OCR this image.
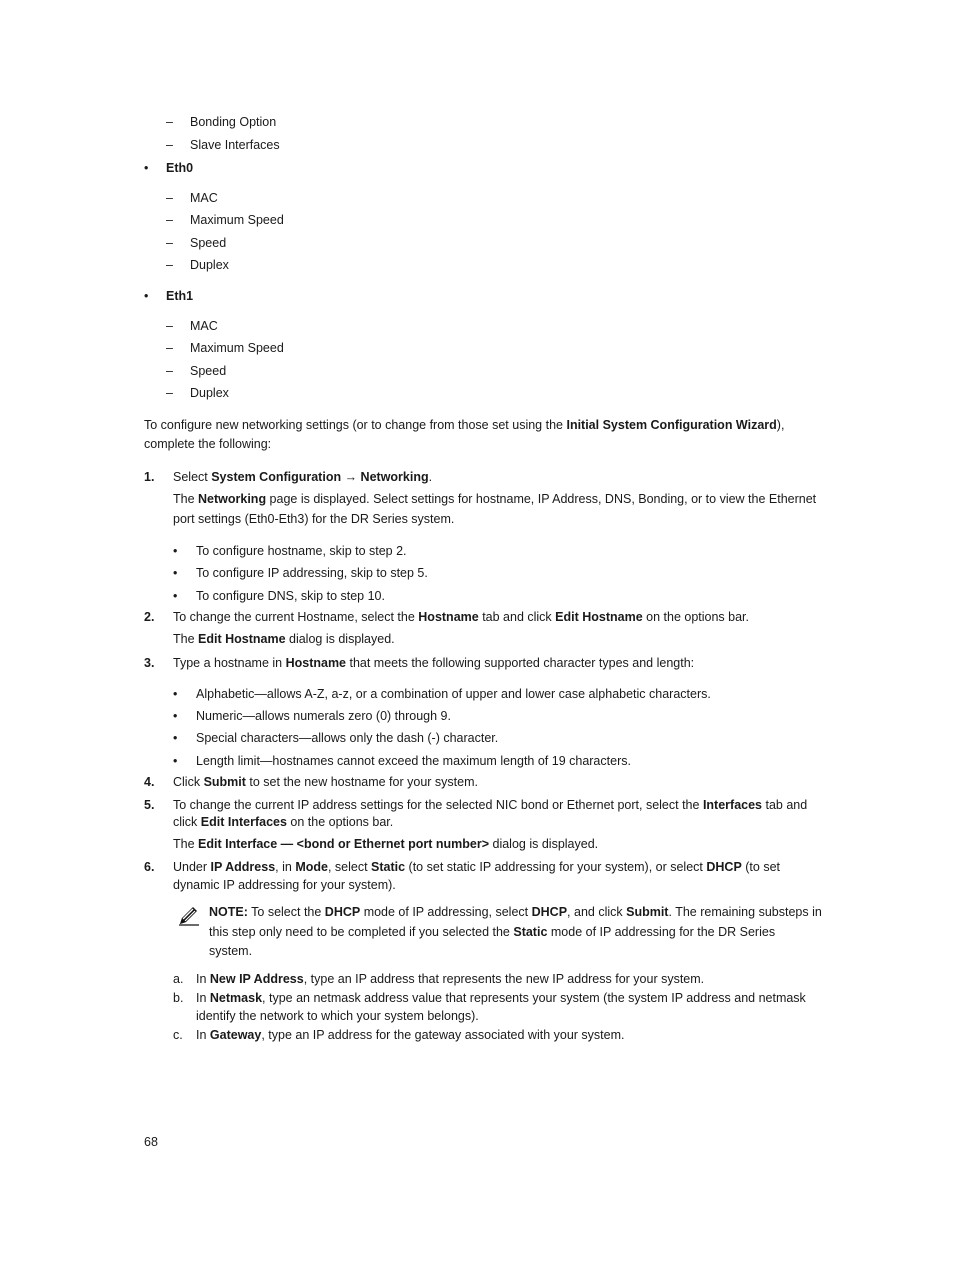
– Bonding Option
– Slave Interfaces
• Eth0
– MAC
– Maximum Speed
– Speed
– Duplex
• Eth1
– MAC
– Maximum Speed
– Speed
– Duplex
To configure new networking settings (or to change from those set using the Initial System Configuration Wizard),
complete the following:
1. Select System Configuration → Networking.
The Networking page is displayed. Select settings for hostname, IP Address, DNS, Bonding, or to view the Ethernet
port settings (Eth0-Eth3) for the DR Series system.
• To configure hostname, skip to step 2.
• To configure IP addressing, skip to step 5.
• To configure DNS, skip to step 10.
2. To change the current Hostname, select the Hostname tab and click Edit Hostname on the options bar.
The Edit Hostname dialog is displayed.
3. Type a hostname in Hostname that meets the following supported character types and length:
• Alphabetic—allows A-Z, a-z, or a combination of upper and lower case alphabetic characters.
• Numeric—allows numerals zero (0) through 9.
• Special characters—allows only the dash (-) character.
• Length limit—hostnames cannot exceed the maximum length of 19 characters.
4. Click Submit to set the new hostname for your system.
5. To change the current IP address settings for the selected NIC bond or Ethernet port, select the Interfaces tab and
click Edit Interfaces on the options bar.
The Edit Interface — <bond or Ethernet port number> dialog is displayed.
6. Under IP Address, in Mode, select Static (to set static IP addressing for your system), or select DHCP (to set
dynamic IP addressing for your system).
NOTE: To select the DHCP mode of IP addressing, select DHCP, and click Submit. The remaining substeps in
this step only need to be completed if you selected the Static mode of IP addressing for the DR Series
system.
a. In New IP Address, type an IP address that represents the new IP address for your system.
b. In Netmask, type an netmask address value that represents your system (the system IP address and netmask
identify the network to which your system belongs).
c. In Gateway, type an IP address for the gateway associated with your system.
68
